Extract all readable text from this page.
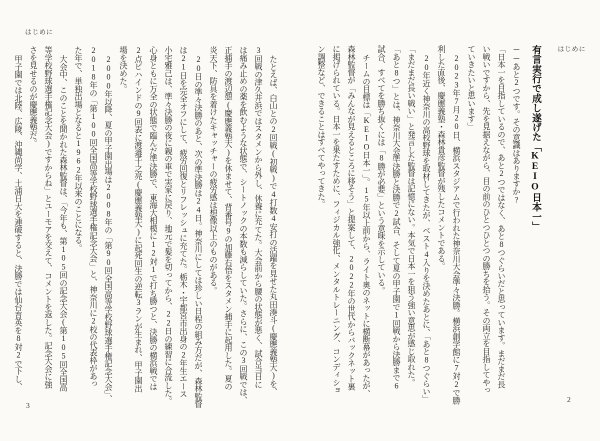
はじめに
有言実行で成し遂げた「KEIO日本一」
──あと2つです。その意識はありますか?
「日本一を目指しているので、あと2つではなく、あと8つぐらいだと思っています。まだまだ長
い戦いですから、先を見据えながら、目の前のひとつひとつの勝ちを拾う。その両立を目指してやっ
ていきたいと思います」
2023年7月20日、横浜スタジアムで行われた神奈川大会準々決勝。横浜創学館に7対2で勝
利した直後、慶應義塾・森林貴彦監督が残したコメントである。
20年近く神奈川の高校野球を取材してきたが、ベスト4入りを決めたあとに、「あと8つぐらい」
「まだまだ長い戦い」と発言した監督は記憶にない。本気で日本一を狙う強い意思が感じ取れた。
「あと8つ」とは、神奈川大会準決勝と決勝で2試合、そして夏の甲子園で1回戦から決勝まで6
試合、すべてを勝ち抜くには「8勝が必要」という意味を示している。
チームの目標は「KEIO日本一」。15年以上前から、ライト奥のネットに横断幕があったが、
森林監督が「みんなが見えるところに移そう」と提案して、2022年の世代からバックネット裏
に掲げられている。日本一を果たすために、フィジカル強化、メンタルトレーニング、コンディショ
ン調整など、できることはすべてやってきた。
2
はじめに
たとえば、白山との2回戦(初戦)で4打数4安打の活躍を見せた丸田湊斗(慶應義塾大)を、
3回戦の津久井浜ではスタメンから外し、休養に充てた。大会前から腰の状態が悪く、試合当日に
は痛み止めの薬を飲むような状態で、シートノックの本数も減らしていた。さらに、この3回戦では、
正捕手の渡辺憩(慶應義塾大)を休ませて、背番号9の加藤右悟をスタメン捕手に起用した。夏の
炎天下、防具を着けたキャッチャーの疲労感は想像以上のものがある。
20日の準々決勝のあと、次の準決勝は24日。神奈川にしては珍しい日程の組み方だが、森林監督
は21日を完全オフにして、疲労回復とリフレッシュに充てた。栃木・宇都宮市出身の2年生エース
小宅雅己は、準々決勝の夜に親の車で実家に戻り、地元で髪を切ってから、22日の練習に合流した。
心身ともに万全の状態で臨んだ準決勝で、東海大相模に12対1で打ち勝つと、決勝の横浜戦では
2点ビハインドの9回表に渡邉千之亮(慶應義塾大)に起死回生の逆転3ランが生まれ、甲子園出
場を決めた。
2000年以降、夏の甲子園出場は2008年の「第90回全国高等学校野球選手権記念大会」、
2018年の「第100回全国高等学校野球選手権記念大会」と、神奈川に2校の代表枠があっ
た年で、単独出場となると1962年以来のことになる。
大会中、このことを聞かれた森林監督は、「今年も、第105回の記念大会(第105回全国高
等学校野球選手権記念大会)ですからね」とユーモアを交えて、コメントを返した。記念大会に強
さを見せるのが慶應義塾だ。
甲子園では北陸、広陵、沖縄尚学、土浦日大を連破すると、決勝では仙台育英を8対2で下し、
3
